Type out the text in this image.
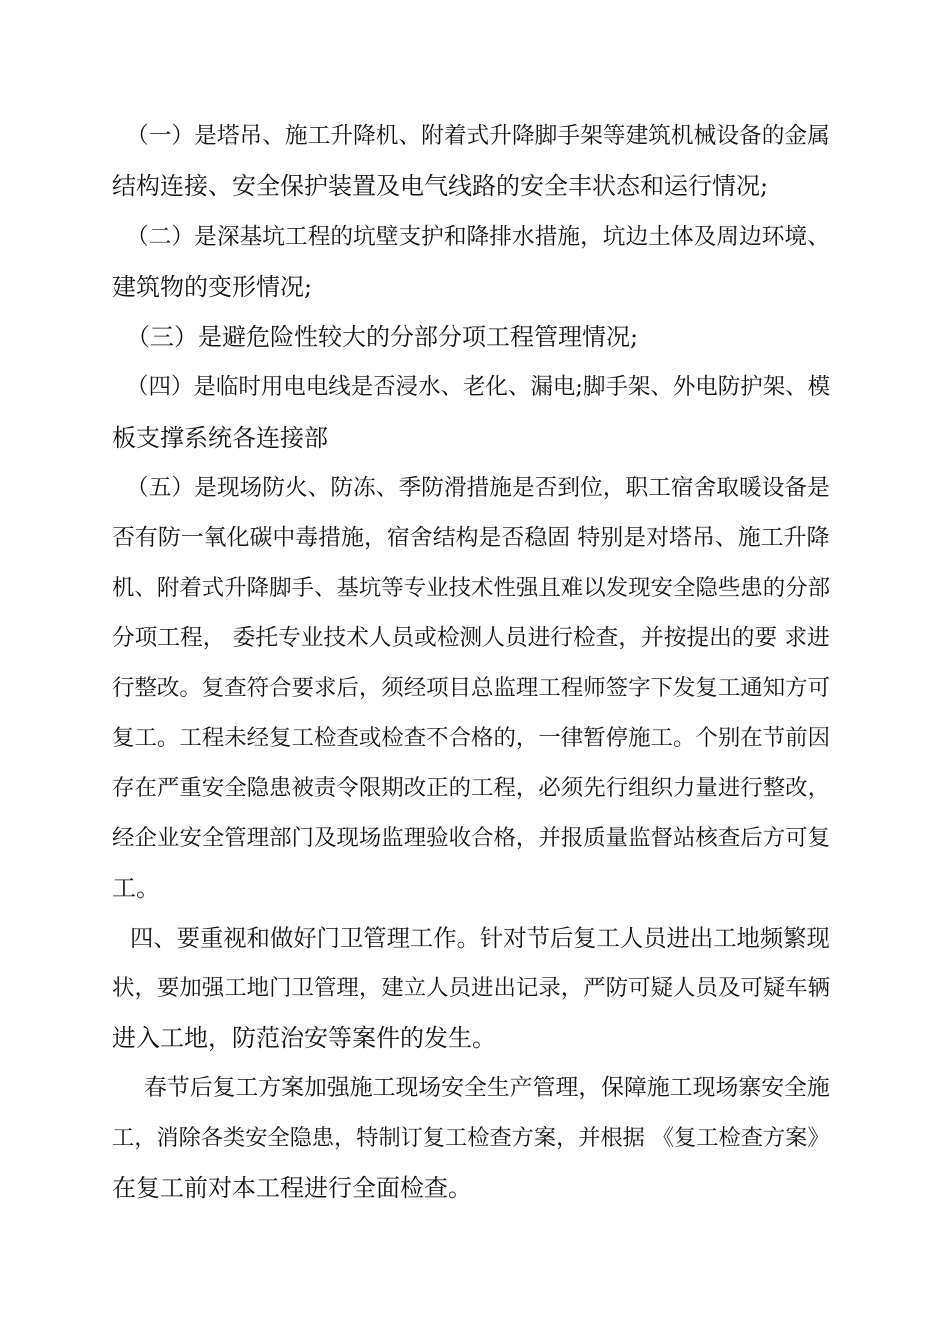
（一）是塔吊、施工升降机、附着式升降脚手架等建筑机械设备的金属
结构连接、安全保护装置及电气线路的安全丰状态和运行情况;
（二）是深基坑工程的坑壁支护和降排水措施，坑边土体及周边环境、
建筑物的变形情况;
（三）是避危险性较大的分部分项工程管理情况;
（四）是临时用电电线是否浸水、老化、漏电;脚手架、外电防护架、模
板支撑系统各连接部
（五）是现场防火、防冻、季防滑措施是否到位，职工宿舍取暖设备是
否有防一氧化碳中毒措施，宿舍结构是否稳固 特别是对塔吊、施工升降
机、附着式升降脚手、基坑等专业技术性强且难以发现安全隐些患的分部
分项工程， 委托专业技术人员或检测人员进行检查，并按提出的要 求进
行整改。复查符合要求后，须经项目总监理工程师签字下发复工通知方可
复工。工程未经复工检查或检查不合格的，一律暂停施工。个别在节前因
存在严重安全隐患被责令限期改正的工程，必须先行组织力量进行整改，
经企业安全管理部门及现场监理验收合格，并报质量监督站核查后方可复
工。
四、要重视和做好门卫管理工作。针对节后复工人员进出工地频繁现
状，要加强工地门卫管理，建立人员进出记录，严防可疑人员及可疑车辆
进入工地，防范治安等案件的发生。
春节后复工方案加强施工现场安全生产管理，保障施工现场寨安全施
工，消除各类安全隐患，特制订复工检查方案，并根据 《复工检查方案》
在复工前对本工程进行全面检查。
